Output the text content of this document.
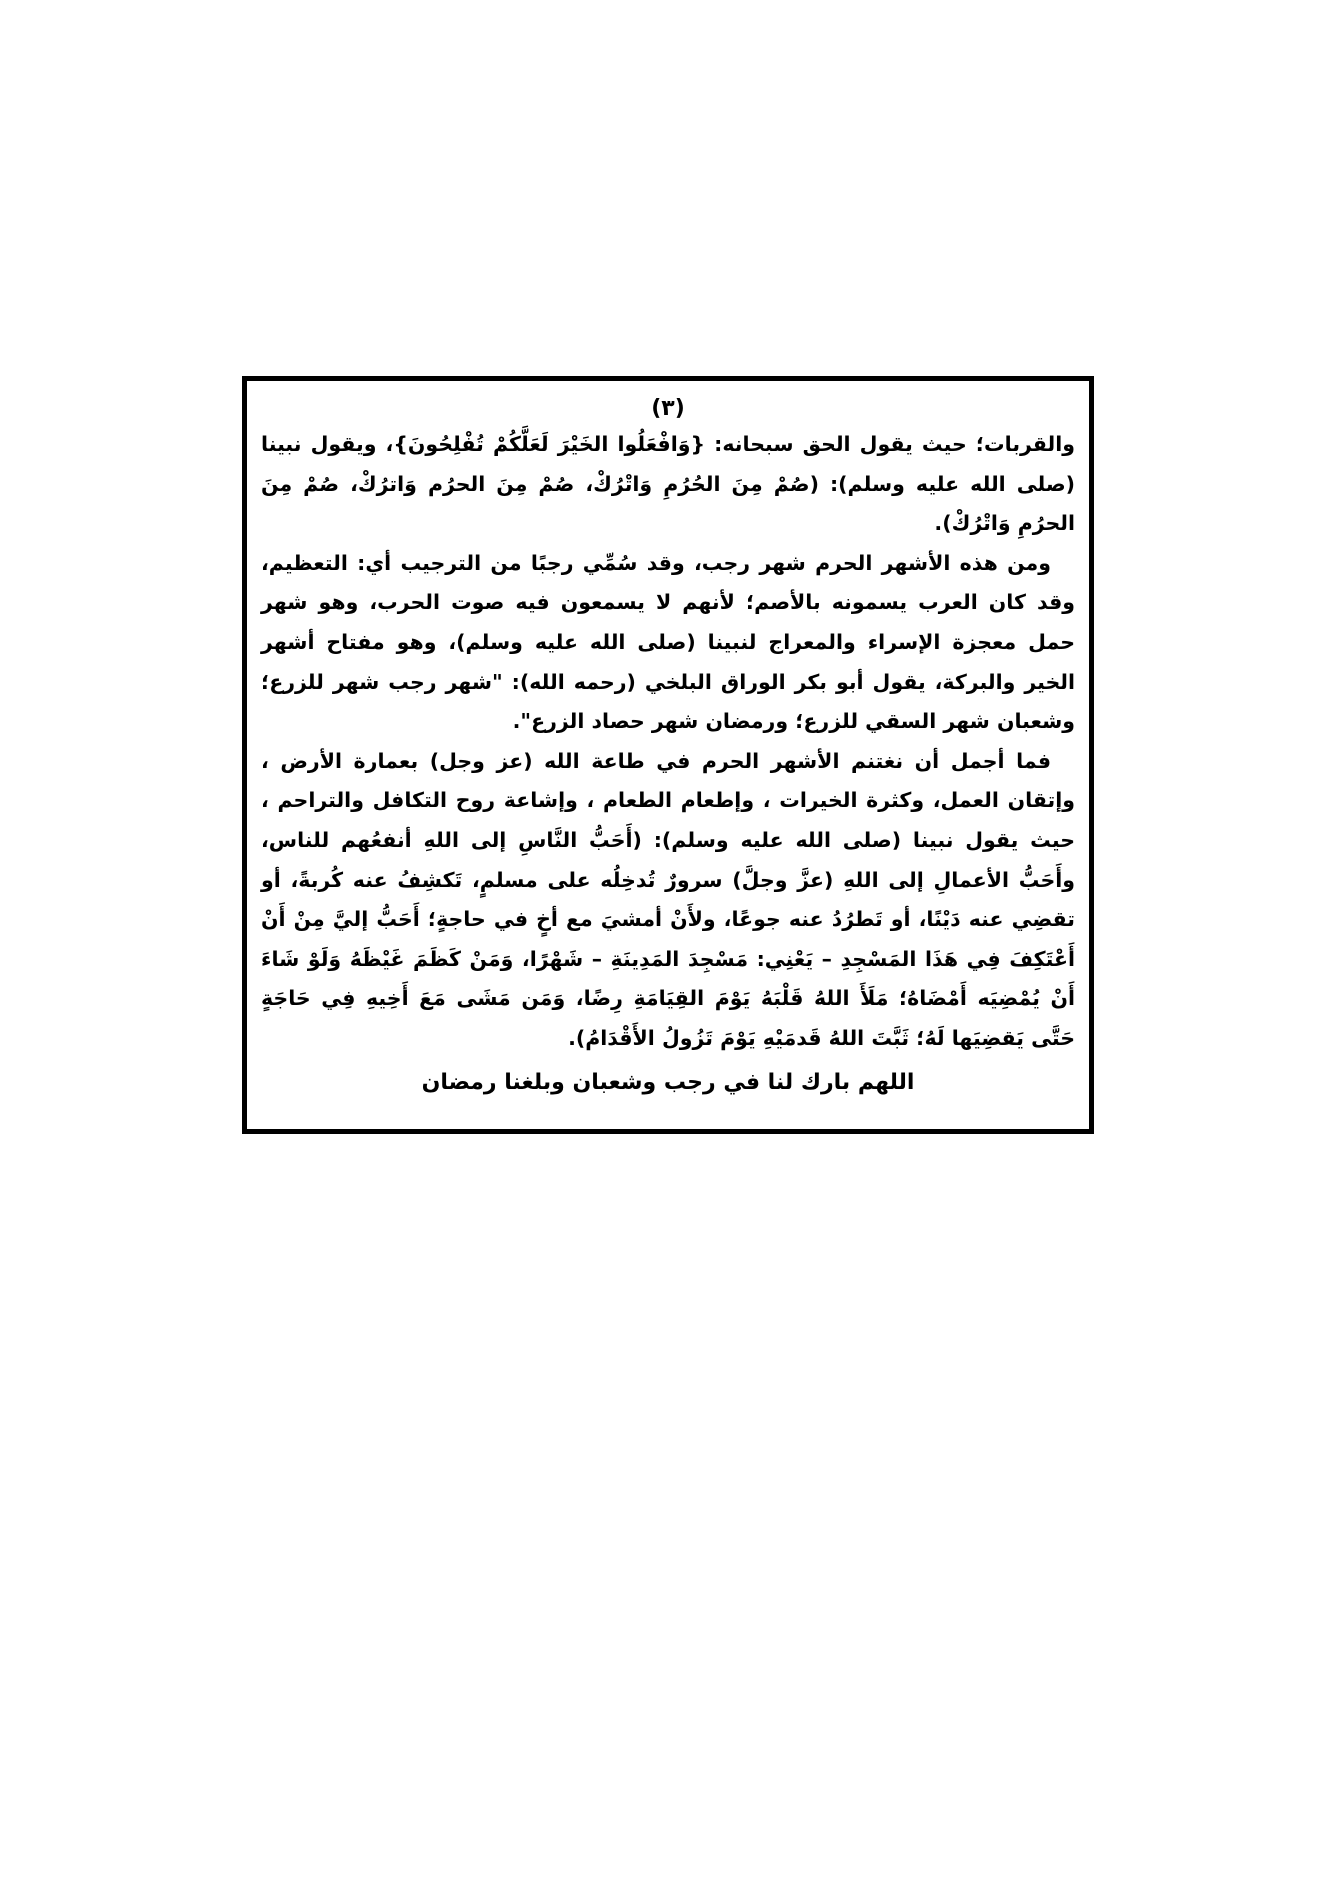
(٣)

والقربات؛ حيث يقول الحق سبحانه: {وَافْعَلُوا الخَيْرَ لَعَلَّكُمْ تُفْلِحُونَ}، ويقول نبينا (صلى الله عليه وسلم): (صُمْ مِنَ الحُرُمِ وَاتْرُكْ، صُمْ مِنَ الحرُم وَاترُكْ، صُمْ مِنَ الحرُمِ وَاتْرُكْ).

ومن هذه الأشهر الحرم شهر رجب، وقد سُمِّي رجبًا من الترجيب أي: التعظيم، وقد كان العرب يسمونه بالأصم؛ لأنهم لا يسمعون فيه صوت الحرب، وهو شهر حمل معجزة الإسراء والمعراج لنبينا (صلى الله عليه وسلم)، وهو مفتاح أشهر الخير والبركة، يقول أبو بكر الوراق البلخي (رحمه الله): "شهر رجب شهر للزرع؛ وشعبان شهر السقي للزرع؛ ورمضان شهر حصاد الزرع".

فما أجمل أن نغتنم الأشهر الحرم في طاعة الله (عز وجل) بعمارة الأرض ، وإتقان العمل، وكثرة الخيرات ، وإطعام الطعام ، وإشاعة روح التكافل والتراحم ، حيث يقول نبينا (صلى الله عليه وسلم): (أَحَبُّ النَّاسِ إلى اللهِ أنفعُهم للناس، وأَحَبُّ الأعمالِ إلى اللهِ (عزَّ وجلَّ) سرورٌ تُدخِلُه على مسلمٍ، تَكشِفُ عنه كُربةً، أو تقضِي عنه دَيْنًا، أو تَطرُدُ عنه جوعًا، ولأَنْ أمشيَ مع أخٍ في حاجةٍ؛ أَحَبُّ إليَّ مِنْ أَنْ أَعْتَكِفَ فِي هَذَا المَسْجِدِ – يَعْنِي: مَسْجِدَ المَدِينَةِ – شَهْرًا، وَمَنْ كَظَمَ غَيْظَهُ وَلَوْ شَاءَ أَنْ يُمْضِيَه أَمْضَاهُ؛ مَلَأَ اللهُ قَلْبَهُ يَوْمَ القِيَامَةِ رِضًا، وَمَن مَشَى مَعَ أَخِيهِ فِي حَاجَةٍ حَتَّى يَقضِيَها لَهُ؛ ثَبَّتَ اللهُ قَدمَيْهِ يَوْمَ تَزُولُ الأَقْدَامُ).

اللهم بارك لنا في رجب وشعبان وبلغنا رمضان
